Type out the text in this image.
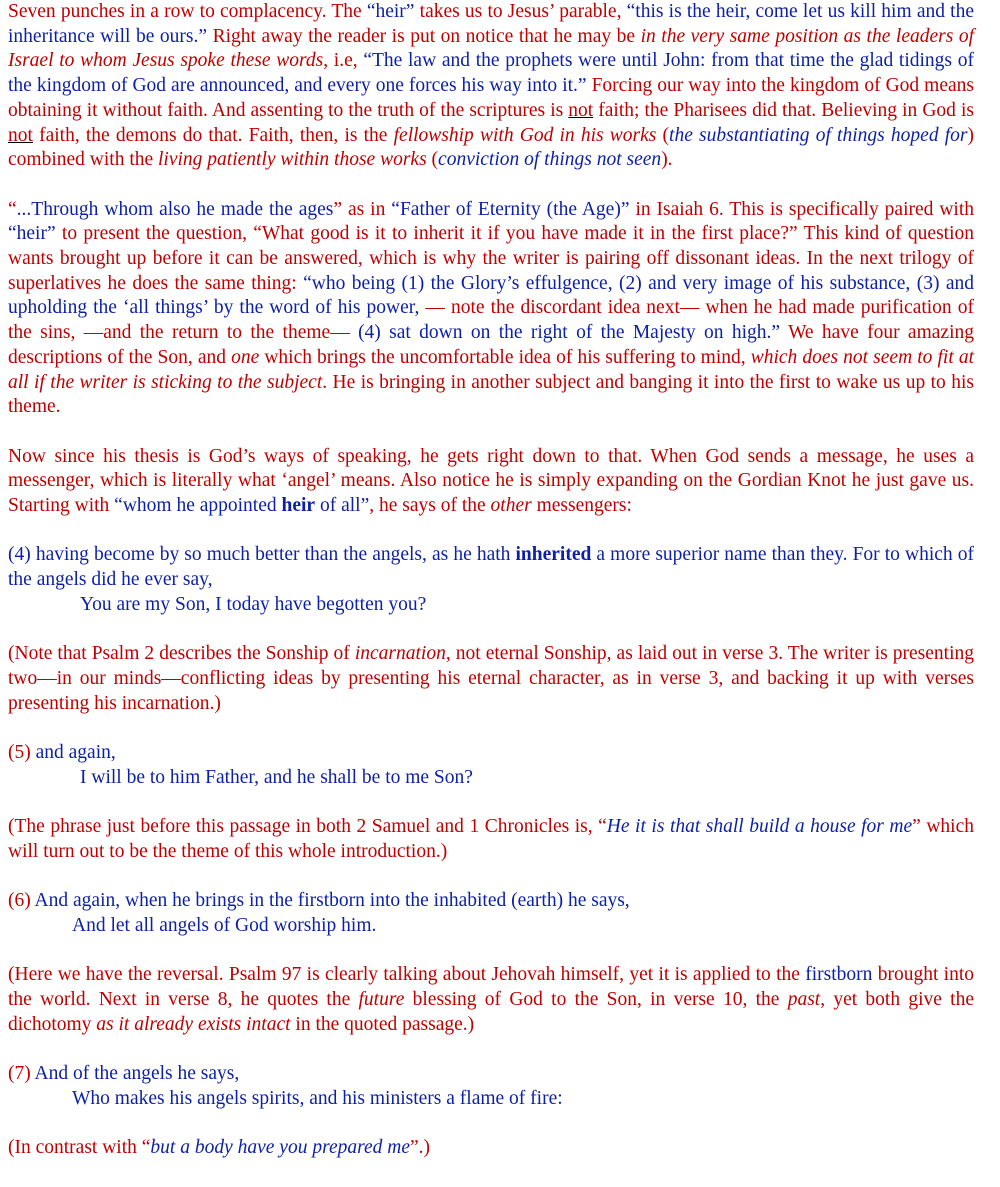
Seven punches in a row to complacency. The “heir” takes us to Jesus’ parable, “this is the heir, come let us kill him and the inheritance will be ours.” Right away the reader is put on notice that he may be in the very same position as the leaders of Israel to whom Jesus spoke these words, i.e, “The law and the prophets were until John: from that time the glad tidings of the kingdom of God are announced, and every one forces his way into it.” Forcing our way into the kingdom of God means obtaining it without faith. And assenting to the truth of the scriptures is not faith; the Pharisees did that. Believing in God is not faith, the demons do that. Faith, then, is the fellowship with God in his works (the substantiating of things hoped for) combined with the living patiently within those works (conviction of things not seen).

“...Through whom also he made the ages” as in “Father of Eternity (the Age)” in Isaiah 6. This is specifically paired with “heir” to present the question, “What good is it to inherit it if you have made it in the first place?” This kind of question wants brought up before it can be answered, which is why the writer is pairing off dissonant ideas. In the next trilogy of superlatives he does the same thing: “who being (1) the Glory’s effulgence, (2) and very image of his substance, (3) and upholding the ‘all things’ by the word of his power, — note the discordant idea next— when he had made purification of the sins, —and the return to the theme— (4) sat down on the right of the Majesty on high.” We have four amazing descriptions of the Son, and one which brings the uncomfortable idea of his suffering to mind, which does not seem to fit at all if the writer is sticking to the subject. He is bringing in another subject and banging it into the first to wake us up to his theme.

Now since his thesis is God’s ways of speaking, he gets right down to that. When God sends a message, he uses a messenger, which is literally what ‘angel’ means. Also notice he is simply expanding on the Gordian Knot he just gave us. Starting with “whom he appointed heir of all”, he says of the other messengers:

(4) having become by so much better than the angels, as he hath inherited a more superior name than they. For to which of the angels did he ever say,

You are my Son, I today have begotten you?

(Note that Psalm 2 describes the Sonship of incarnation, not eternal Sonship, as laid out in verse 3. The writer is presenting two—in our minds—conflicting ideas by presenting his eternal character, as in verse 3, and backing it up with verses presenting his incarnation.)

(5) and again,

I will be to him Father, and he shall be to me Son?

(The phrase just before this passage in both 2 Samuel and 1 Chronicles is, “He it is that shall build a house for me” which will turn out to be the theme of this whole introduction.)

(6) And again, when he brings in the firstborn into the inhabited (earth) he says,

And let all angels of God worship him.

(Here we have the reversal. Psalm 97 is clearly talking about Jehovah himself, yet it is applied to the firstborn brought into the world. Next in verse 8, he quotes the future blessing of God to the Son, in verse 10, the past, yet both give the dichotomy as it already exists intact in the quoted passage.)

(7) And of the angels he says,

Who makes his angels spirits, and his ministers a flame of fire:

(In contrast with “but a body have you prepared me”.)
